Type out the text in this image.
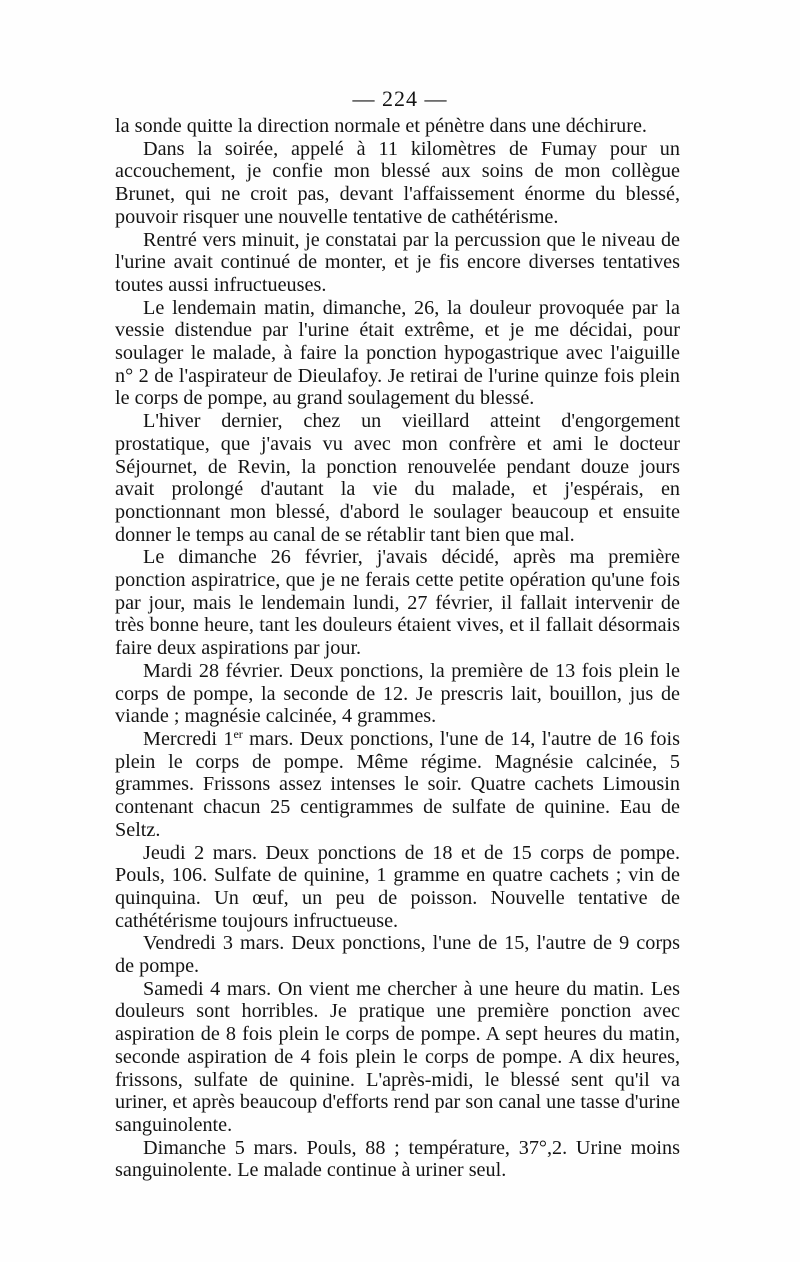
— 224 —

la sonde quitte la direction normale et pénètre dans une déchirure.

Dans la soirée, appelé à 11 kilomètres de Fumay pour un accouchement, je confie mon blessé aux soins de mon collègue Brunet, qui ne croit pas, devant l'affaissement énorme du blessé, pouvoir risquer une nouvelle tentative de cathétérisme.

Rentré vers minuit, je constatai par la percussion que le niveau de l'urine avait continué de monter, et je fis encore diverses tentatives toutes aussi infructueuses.

Le lendemain matin, dimanche, 26, la douleur provoquée par la vessie distendue par l'urine était extrême, et je me décidai, pour soulager le malade, à faire la ponction hypogastrique avec l'aiguille n° 2 de l'aspirateur de Dieulafoy. Je retirai de l'urine quinze fois plein le corps de pompe, au grand soulagement du blessé.

L'hiver dernier, chez un vieillard atteint d'engorgement prostatique, que j'avais vu avec mon confrère et ami le docteur Séjournet, de Revin, la ponction renouvelée pendant douze jours avait prolongé d'autant la vie du malade, et j'espérais, en ponctionnant mon blessé, d'abord le soulager beaucoup et ensuite donner le temps au canal de se rétablir tant bien que mal.

Le dimanche 26 février, j'avais décidé, après ma première ponction aspiratrice, que je ne ferais cette petite opération qu'une fois par jour, mais le lendemain lundi, 27 février, il fallait intervenir de très bonne heure, tant les douleurs étaient vives, et il fallait désormais faire deux aspirations par jour.

Mardi 28 février. Deux ponctions, la première de 13 fois plein le corps de pompe, la seconde de 12. Je prescris lait, bouillon, jus de viande ; magnésie calcinée, 4 grammes.

Mercredi 1er mars. Deux ponctions, l'une de 14, l'autre de 16 fois plein le corps de pompe. Même régime. Magnésie calcinée, 5 grammes. Frissons assez intenses le soir. Quatre cachets Limousin contenant chacun 25 centigrammes de sulfate de quinine. Eau de Seltz.

Jeudi 2 mars. Deux ponctions de 18 et de 15 corps de pompe. Pouls, 106. Sulfate de quinine, 1 gramme en quatre cachets ; vin de quinquina. Un œuf, un peu de poisson. Nouvelle tentative de cathétérisme toujours infructueuse.

Vendredi 3 mars. Deux ponctions, l'une de 15, l'autre de 9 corps de pompe.

Samedi 4 mars. On vient me chercher à une heure du matin. Les douleurs sont horribles. Je pratique une première ponction avec aspiration de 8 fois plein le corps de pompe. A sept heures du matin, seconde aspiration de 4 fois plein le corps de pompe. A dix heures, frissons, sulfate de quinine. L'après-midi, le blessé sent qu'il va uriner, et après beaucoup d'efforts rend par son canal une tasse d'urine sanguinolente.

Dimanche 5 mars. Pouls, 88 ; température, 37°,2. Urine moins sanguinolente. Le malade continue à uriner seul.
